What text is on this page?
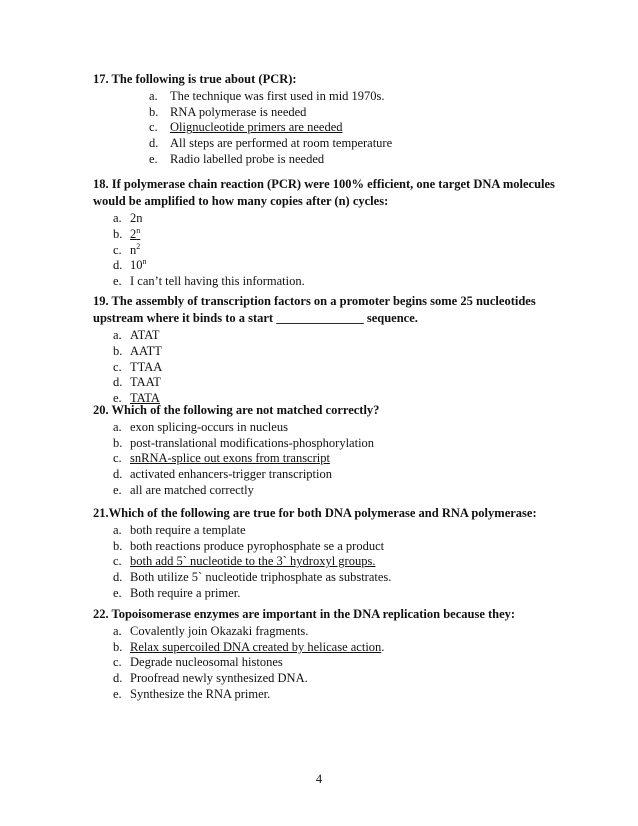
17. The following is true about (PCR):

a. The technique was first used in mid 1970s.
b. RNA polymerase is needed
c. Olignucleotide primers are needed
d. All steps are performed at room temperature
e. Radio labelled probe is needed

18. If polymerase chain reaction (PCR) were 100% efficient, one target DNA molecules would be amplified to how many copies after (n) cycles:

a. 2n
b. 2$^n$
c. $n^2$
d. 10$^n$
e. I can’t tell having this information.

19. The assembly of transcription factors on a promoter begins some 25 nucleotides upstream where it binds to a start ______________ sequence.

a. ATAT
b. AATT
c. TTAA
d. TAAT
e. TATA

20. Which of the following are not matched correctly?

a. exon splicing-occurs in nucleus
b. post-translational modifications-phosphorylation
c. snRNA-splice out exons from transcript
d. activated enhancers-trigger transcription
e. all are matched correctly

21.Which of the following are true for both DNA polymerase and RNA polymerase:

a. both require a template
b. both reactions produce pyrophosphate se a product
c. both add 5` nucleotide to the 3` hydroxyl groups.
d. Both utilize 5` nucleotide triphosphate as substrates.
e. Both require a primer.

22. Topoisomerase enzymes are important in the DNA replication because they:

a. Covalently join Okazaki fragments.
b. Relax supercoiled DNA created by helicase action.
c. Degrade nucleosomal histones
d. Proofread newly synthesized DNA.
e. Synthesize the RNA primer.
4
